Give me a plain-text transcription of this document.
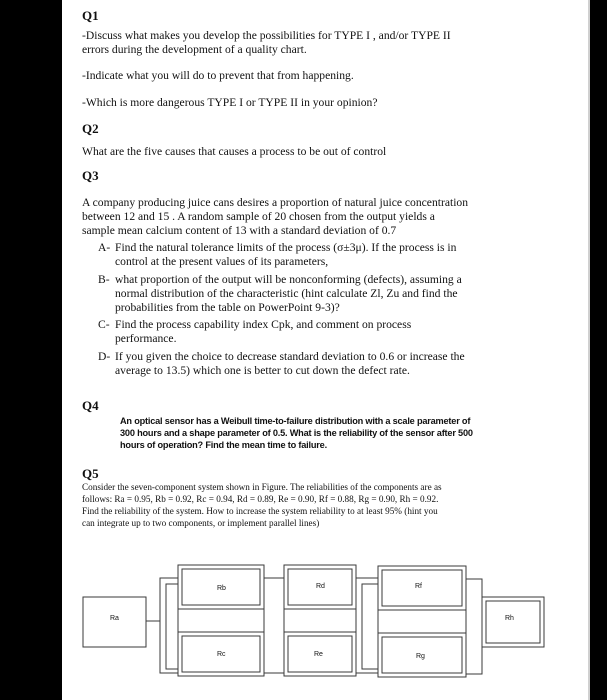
Q1
-Discuss what makes you develop the possibilities for TYPE I , and/or TYPE II
errors during the development of a quality chart.
-Indicate what you will do to prevent that from happening.
-Which is more dangerous TYPE I or TYPE II in your opinion?
Q2
What are the five causes that causes a process to be out of control
Q3
A company producing juice cans desires a proportion of natural juice concentration
between 12 and 15 . A random sample of 20 chosen from the output yields a
sample mean calcium content of 13 with a standard deviation of 0.7
A- Find the natural tolerance limits of the process (σ±3μ). If the process is in
control at the present values of its parameters,
B- what proportion of the output will be nonconforming (defects), assuming a
normal distribution of the characteristic (hint calculate Zl, Zu and find the
probabilities from the table on PowerPoint 9-3)?
C- Find the process capability index Cpk, and comment on process
performance.
D- If you given the choice to decrease standard deviation to 0.6 or increase the
average to 13.5) which one is better to cut down the defect rate.
Q4
An optical sensor has a Weibull time-to-failure distribution with a scale parameter of
300 hours and a shape parameter of 0.5. What is the reliability of the sensor after 500
hours of operation? Find the mean time to failure.
Q5
Consider the seven-component system shown in Figure. The reliabilities of the components are as
follows: Ra = 0.95, Rb = 0.92, Rc = 0.94, Rd = 0.89, Re = 0.90, Rf = 0.88, Rg = 0.90, Rh = 0.92.
Find the reliability of the system. How to increase the system reliability to at least 95% (hint you
can integrate up to two components, or implement parallel lines)
Ra
Rb
Rc
Rd
Re
Rf
Rg
Rh
